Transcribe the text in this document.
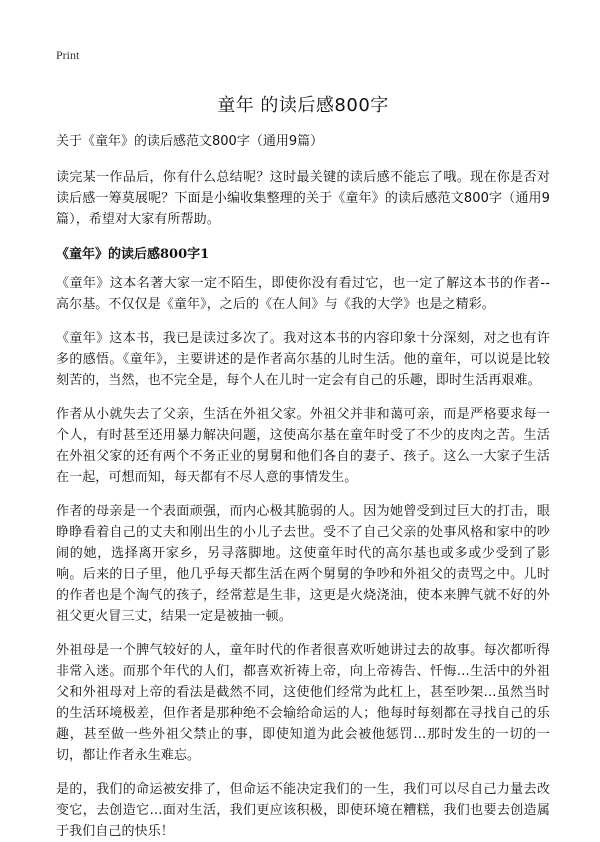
Print
童年 的读后感800字
关于《童年》的读后感范文800字（通用9篇）

读完某一作品后，你有什么总结呢？这时最关键的读后感不能忘了哦。现在你是否对读后感一筹莫展呢？下面是小编收集整理的关于《童年》的读后感范文800字（通用9篇），希望对大家有所帮助。

《童年》的读后感800字1

《童年》这本名著大家一定不陌生，即使你没有看过它，也一定了解这本书的作者--高尔基。不仅仅是《童年》，之后的《在人间》与《我的大学》也是之精彩。

《童年》这本书，我已是读过多次了。我对这本书的内容印象十分深刻，对之也有许多的感悟。《童年》，主要讲述的是作者高尔基的儿时生活。他的童年，可以说是比较刻苦的，当然，也不完全是，每个人在儿时一定会有自己的乐趣，即时生活再艰难。

作者从小就失去了父亲，生活在外祖父家。外祖父并非和蔼可亲，而是严格要求每一个人，有时甚至还用暴力解决问题，这使高尔基在童年时受了不少的皮肉之苦。生活在外祖父家的还有两个不务正业的舅舅和他们各自的妻子、孩子。这么一大家子生活在一起，可想而知，每天都有不尽人意的事情发生。

作者的母亲是一个表面顽强，而内心极其脆弱的人。因为她曾受到过巨大的打击，眼睁睁看着自己的丈夫和刚出生的小儿子去世。受不了自己父亲的处事风格和家中的吵闹的她，选择离开家乡，另寻落脚地。这使童年时代的高尔基也或多或少受到了影响。后来的日子里，他几乎每天都生活在两个舅舅的争吵和外祖父的责骂之中。儿时的作者也是个淘气的孩子，经常惹是生非，这更是火烧浇油，使本来脾气就不好的外祖父更火冒三丈，结果一定是被抽一顿。

外祖母是一个脾气较好的人，童年时代的作者很喜欢听她讲过去的故事。每次都听得非常入迷。而那个年代的人们，都喜欢祈祷上帝，向上帝祷告、忏悔…生活中的外祖父和外祖母对上帝的看法是截然不同，这使他们经常为此杠上，甚至吵架…虽然当时的生活环境极差，但作者是那种绝不会输给命运的人；他每时每刻都在寻找自己的乐趣，甚至做一些外祖父禁止的事，即使知道为此会被他惩罚…那时发生的一切的一切，都让作者永生难忘。

是的，我们的命运被安排了，但命运不能决定我们的一生，我们可以尽自己力量去改变它，去创造它…面对生活，我们更应该积极，即使环境在糟糕，我们也要去创造属于我们自己的快乐！
